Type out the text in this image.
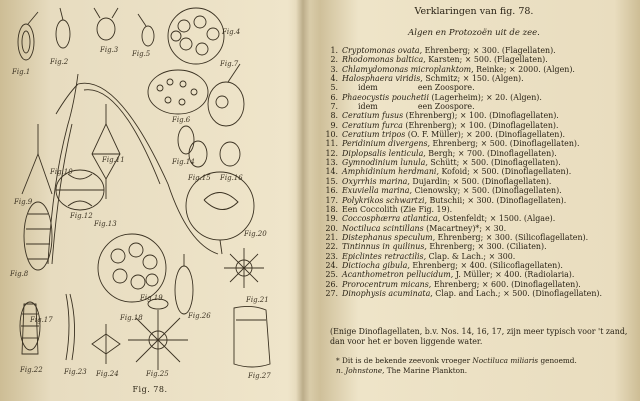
Fig.1
Fig.2
Fig.5
Fig.6
Fig.7
Fig.8
Fig.9
Fig.10
Fig.11
Fig.12
Fig.13
Fig.14
Fig.15 Fig.16
Fig.17
Fig.19
Fig.20
Fig.21
Fig.22	Fig.23 Fig.24	Fig.25
Fig.26
Fig.27
Fig.18
Fig.3
Fig.4
Fig. 78.
Verklaringen van fig. 78.
Algen en Protozoën uit de zee.
1. Cryptomonas ovata, Ehrenberg; × 300. (Flagellaten).
2. Rhodomonas baltica, Karsten; × 500. (Flagellaten).
3. Chlamydomonas microplanktom, Reinke; × 2000. (Algen).
4. Halosphaera viridis, Schmitz; × 150. (Algen).
5.	idem een Zoospore.
6. Phaeocystis pouchetii (Lagerheim); × 20. (Algen).
7.	idem een Zoospore.
8. Ceratium fusus (Ehrenberg); × 100. (Dinoflagellaten).
9. Ceratium furca (Ehrenberg); × 100. (Dinoflagellaten).
10. Ceratium tripos (O. F. Müller); × 200. (Dinoflagellaten).
11. Peridinium divergens, Ehrenberg; × 500. (Dinoflagellaten).
12. Diplopsalis lenticula, Bergh; × 700. (Dinoflagellaten).
13. Gymnodinium lunula, Schütt; × 500. (Dinoflagellaten).
14. Amphidinium herdmani, Kofoid; × 500. (Dinoflagellaten).
15. Oxyrrhis marina, Dujardin; × 500. (Dinoflagellaten).
16. Exuviella marina, Cienowsky; × 500. (Dinoflagellaten).
17. Polykrikos schwartzi, Butschii; × 300. (Dinoflagellaten).
18. Een Coccolith (Zie Fig. 19).
19. Coccosphærra atlantica, Ostenfeldt; × 1500. (Algae).
20. Noctiluca scintillans (Macartney)*; × 30.
21. Distephanus speculum, Ehrenberg; × 300. (Silicoflagellaten).
22. Tintinnus in quilinus, Ehrenberg; × 300. (Ciliaten).
23. Epiclintes retractilis, Clap. & Lach.; × 300.
24. Dictiocha gibula, Ehrenberg; × 400. (Silicoflagellaten).
25. Acanthometron pellucidum, J. Müller; × 400. (Radiolaria).
26. Prorocentrum micans, Ehrenberg; × 600. (Dinoflagellaten).
27. Dinophysis acuminata, Clap. and Lach.; × 500. (Dinoflagellaten).
(Enige Dinoflagellaten, b.v. Nos. 14, 16, 17, zijn meer typisch voor 't zand, dan voor het er boven liggende water.
* Dit is de bekende zeevonk vroeger Noctiluca miliaris genoemd.
n. Johnstone, The Marine Plankton.
